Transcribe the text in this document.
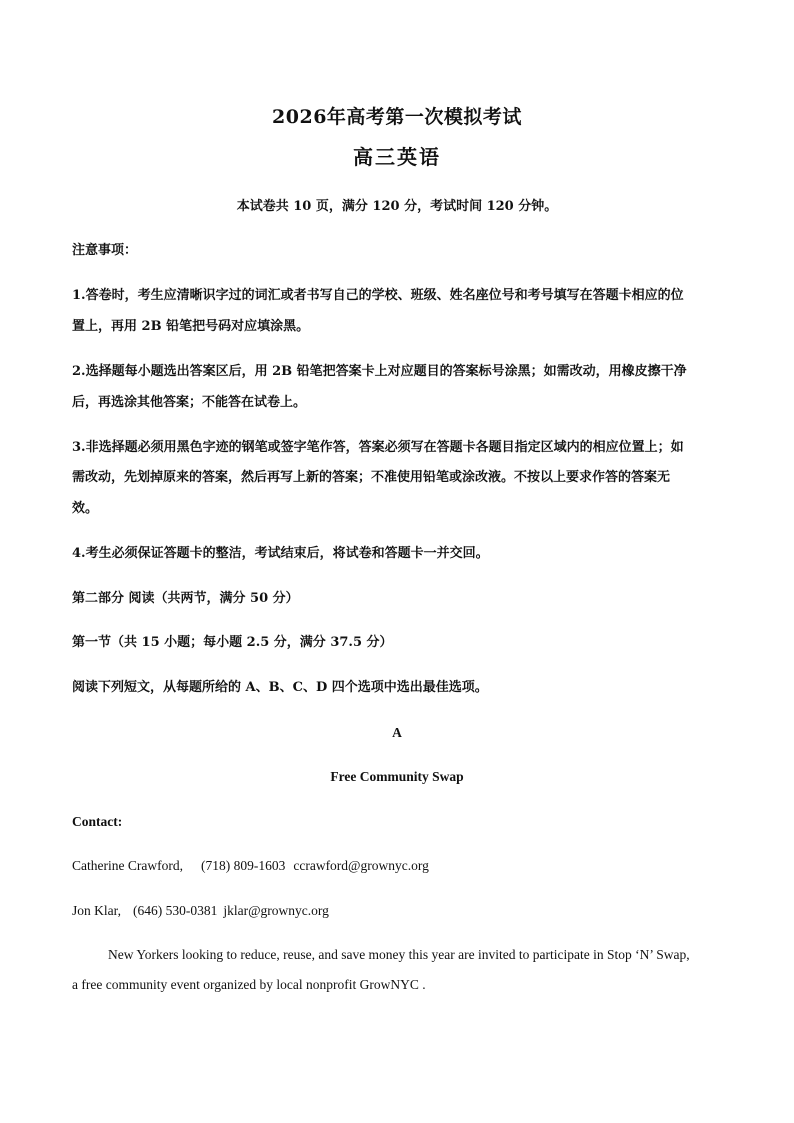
2026年高考第一次模拟考试
高三英语
本试卷共 10 页，满分 120 分，考试时间 120 分钟。
注意事项：
1.答卷时，考生应清晰识字过的词汇或者书写自己的学校、班级、姓名座位号和考号填写在答题卡相应的位
置上，再用 2B 铅笔把号码对应填涂黑。
2.选择题每小题选出答案区后，用 2B 铅笔把答案卡上对应题目的答案标号涂黑；如需改动，用橡皮擦干净
后，再选涂其他答案；不能答在试卷上。
3.非选择题必须用黑色字迹的钢笔或签字笔作答，答案必须写在答题卡各题目指定区域内的相应位置上；如
需改动，先划掉原来的答案，然后再写上新的答案；不准使用铅笔或涂改液。不按以上要求作答的答案无
效。
4.考生必须保证答题卡的整洁，考试结束后，将试卷和答题卡一并交回。
第二部分 阅读（共两节，满分 50 分）
第一节（共 15 小题；每小题 2.5 分，满分 37.5 分）
阅读下列短文，从每题所给的 A、B、C、D 四个选项中选出最佳选项。
A
Free Community Swap
Contact:
Catherine Crawford, (718) 809-1603 ccrawford@grownyc.org
Jon Klar, (646) 530-0381 jklar@grownyc.org
New Yorkers looking to reduce, reuse, and save money this year are invited to participate in Stop ‘N’ Swap,
a free community event organized by local nonprofit GrowNYC .
